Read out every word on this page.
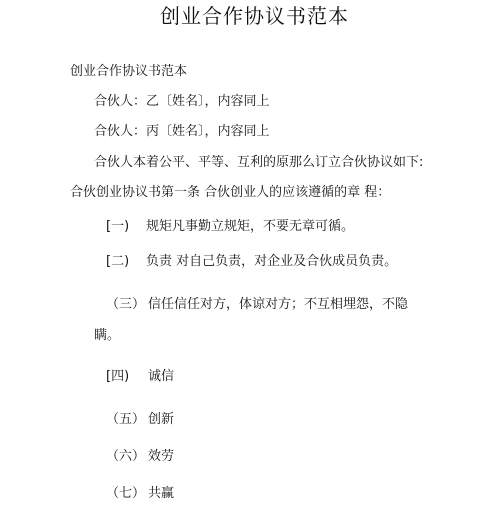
创业合作协议书范本
创业合作协议书范本
合伙人：乙〔姓名〕，内容同上
合伙人：丙〔姓名〕，内容同上
合伙人本着公平、平等、互利的原那么订立合伙协议如下:
合伙创业协议书第一条 合伙创业人的应该遵循的章 程：
[一) 规矩凡事勤立规矩，不要无章可循。
[二) 负责 对自己负责，对企业及合伙成员负责。
（三） 信任信任对方，体谅对方；不互相埋怨，不隐
瞒。
[四) 诚信
（五） 创新
（六） 效劳
（七） 共赢
